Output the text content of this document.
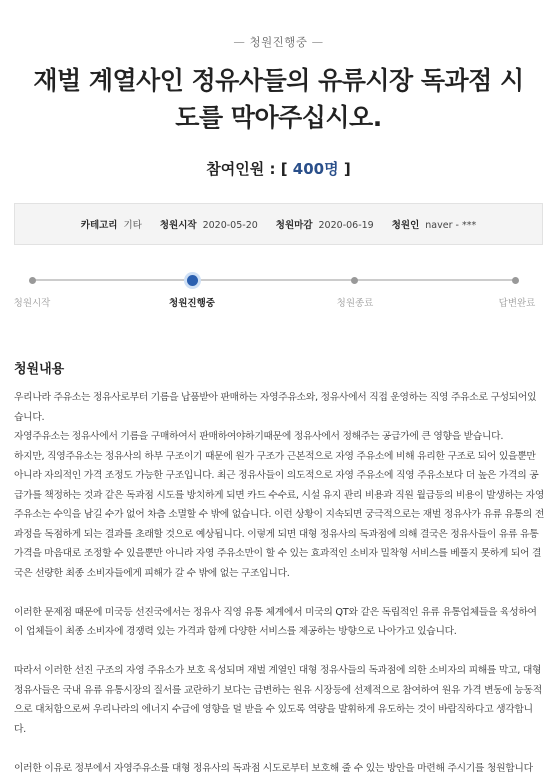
— 청원진행중 —
재벌 계열사인 정유사들의 유류시장 독과점 시도를 막아주십시오.
참여인원 : [ 400명 ]
카테고리 기타 청원시작 2020-05-20 청원마감 2020-06-19 청원인 naver - ***
청원시작	청원진행중	청원종료	답변완료
청원내용

우리나라 주유소는 정유사로부터 기름을 납품받아 판매하는 자영주유소와, 정유사에서 직접 운영하는 직영 주유소로 구성되어있습니다.

자영주유소는 정유사에서 기름을 구매하여서 판매하여야하기때문에 정유사에서 정해주는 공급가에 큰 영향을 받습니다.

하지만, 직영주유소는 정유사의 하부 구조이기 때문에 원가 구조가 근본적으로 자영 주유소에 비해 유리한 구조로 되어 있을뿐만 아니라 자의적인 가격 조정도 가능한 구조입니다. 최근 정유사들이 의도적으로 자영 주유소에 직영 주유소보다 더 높은 가격의 공급가를 책정하는 것과 같은 독과점 시도를 방치하게 되면 카드 수수료, 시설 유지 관리 비용과 직원 월급등의 비용이 발생하는 자영 주유소는 수익을 남길 수가 없어 차츰 소멸할 수 밖에 없습니다. 이런 상황이 지속되면 궁극적으로는 재벌 정유사가 유류 유통의 전과정을 독점하게 되는 결과를 초래할 것으로 예상됩니다. 이렇게 되면 대형 정유사의 독과점에 의해 결국은 정유사들이 유류 유통가격을 마음대로 조정할 수 있을뿐만 아니라 자영 주유소만이 할 수 있는 효과적인 소비자 밀착형 서비스를 베풀지 못하게 되어 결국은 선량한 최종 소비자들에게 피해가 갈 수 밖에 없는 구조입니다.

이러한 문제점 때문에 미국등 선진국에서는 정유사 직영 유통 체계에서 미국의 QT와 같은 독립적인 유류 유통업체들을 육성하여 이 업체들이 최종 소비자에 경쟁력 있는 가격과 함께 다양한 서비스를 제공하는 방향으로 나아가고 있습니다.

따라서 이러한 선진 구조의 자영 주유소가 보호 육성되며 재벌 계열인 대형 정유사들의 독과점에 의한 소비자의 피해를 막고, 대형 정유사들은 국내 유류 유통시장의 질서를 교란하기 보다는 급변하는 원유 시장등에 선제적으로 참여하여 원유 가격 변동에 능동적으로 대처함으로써 우리나라의 에너지 수급에 영향을 덜 받을 수 있도록 역량을 발휘하게 유도하는 것이 바람직하다고 생각합니다.

이러한 이유로 정부에서 자영주유소를 대형 정유사의 독과점 시도로부터 보호해 줄 수 있는 방안을 마련해 주시기를 청원합니다
